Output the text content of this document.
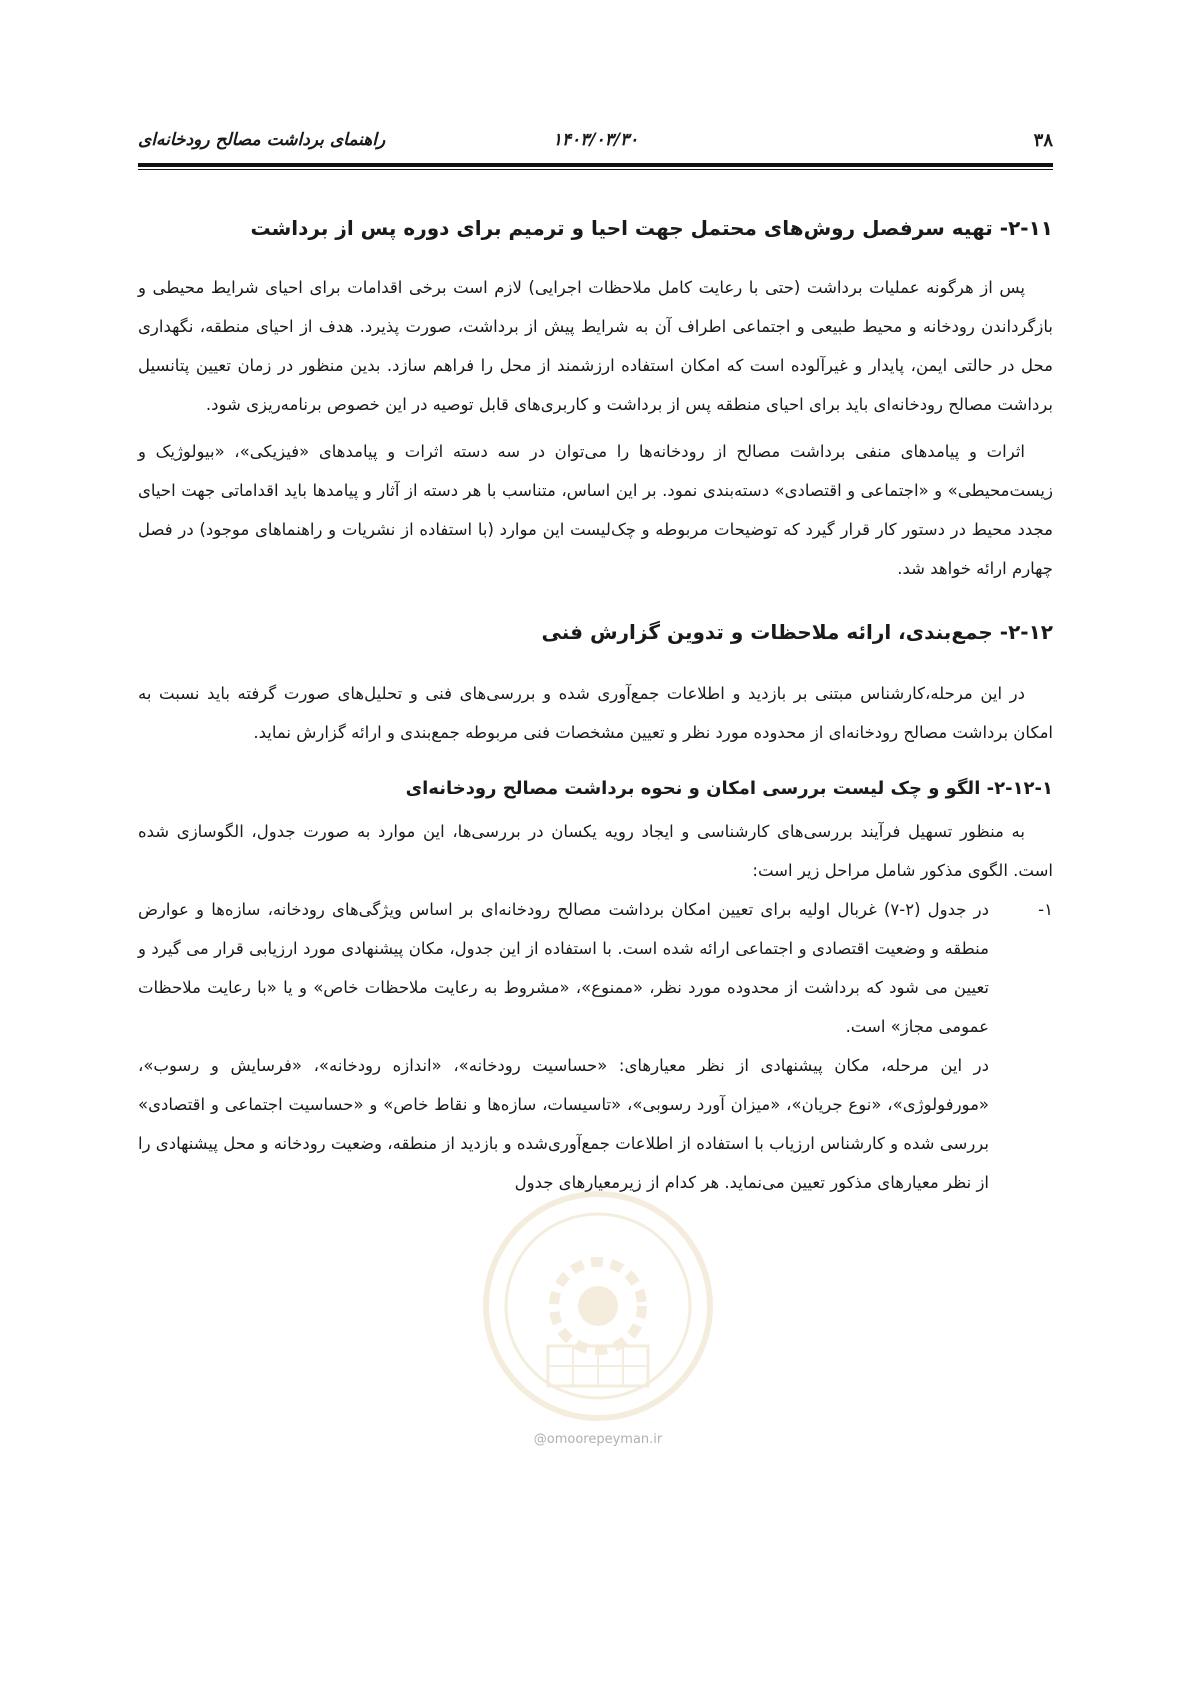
۳۸
۱۴۰۳/۰۳/۳۰
راهنمای برداشت مصالح رودخانه‌ای
۲-۱۱- تهیه سرفصل روش‌های محتمل جهت احیا و ترمیم برای دوره پس از برداشت

پس از هرگونه عملیات برداشت (حتی با رعایت کامل ملاحظات اجرایی) لازم است برخی اقدامات برای احیای شرایط محیطی و بازگرداندن رودخانه و محیط طبیعی و اجتماعی اطراف آن به شرایط پیش از برداشت، صورت پذیرد. هدف از احیای منطقه، نگهداری محل در حالتی ایمن، پایدار و غیرآلوده است که امکان استفاده ارزشمند از محل را فراهم سازد. بدین منظور در زمان تعیین پتانسیل برداشت مصالح رودخانه‌ای باید برای احیای منطقه پس از برداشت و کاربری‌های قابل توصیه در این خصوص برنامه‌ریزی شود.

اثرات و پیامدهای منفی برداشت مصالح از رودخانه‌ها را می‌توان در سه دسته اثرات و پیامدهای «فیزیکی»، «بیولوژیک و زیست‌محیطی» و «اجتماعی و اقتصادی» دسته‌بندی نمود. بر این اساس، متناسب با هر دسته از آثار و پیامدها باید اقداماتی جهت احیای مجدد محیط در دستور کار قرار گیرد که توضیحات مربوطه و چک‌لیست این موارد (با استفاده از نشریات و راهنماهای موجود) در فصل چهارم ارائه خواهد شد.

۲-۱۲- جمع‌بندی، ارائه ملاحظات و تدوین گزارش فنی

در این مرحله،کارشناس مبتنی بر بازدید و اطلاعات جمع‌آوری شده و بررسی‌های فنی و تحلیل‌های صورت گرفته باید نسبت به امکان برداشت مصالح رودخانه‌ای از محدوده مورد نظر و تعیین مشخصات فنی مربوطه جمع‌بندی و ارائه گزارش نماید.

۲-۱۲-۱- الگو و چک لیست بررسی امکان و نحوه برداشت مصالح رودخانه‌ای

به منظور تسهیل فرآیند بررسی‌های کارشناسی و ایجاد رویه یکسان در بررسی‌ها، این موارد به صورت جدول، الگوسازی شده است. الگوی مذکور شامل مراحل زیر است:

۱-

در جدول (۲-۷) غربال اولیه برای تعیین امکان برداشت مصالح رودخانه‌ای بر اساس ویژگی‌های رودخانه، سازه‌ها و عوارض منطقه و وضعیت اقتصادی و اجتماعی ارائه شده است. با استفاده از این جدول، مکان پیشنهادی مورد ارزیابی قرار می گیرد و تعیین می شود که برداشت از محدوده مورد نظر، «ممنوع»، «مشروط به رعایت ملاحظات خاص» و یا «با رعایت ملاحظات عمومی مجاز» است.

در این مرحله، مکان پیشنهادی از نظر معیارهای: «حساسیت رودخانه»، «اندازه رودخانه»، «فرسایش و رسوب»، «مورفولوژی»، «نوع جریان»، «میزان آورد رسوبی»، «تاسیسات، سازه‌ها و نقاط خاص» و «حساسیت اجتماعی و اقتصادی» بررسی شده و کارشناس ارزیاب با استفاده از اطلاعات جمع‌آوری‌شده و بازدید از منطقه، وضعیت رودخانه و محل پیشنهادی را از نظر معیارهای مذکور تعیین می‌نماید. هر کدام از زیرمعیارهای جدول

@omoorepeyman.ir
